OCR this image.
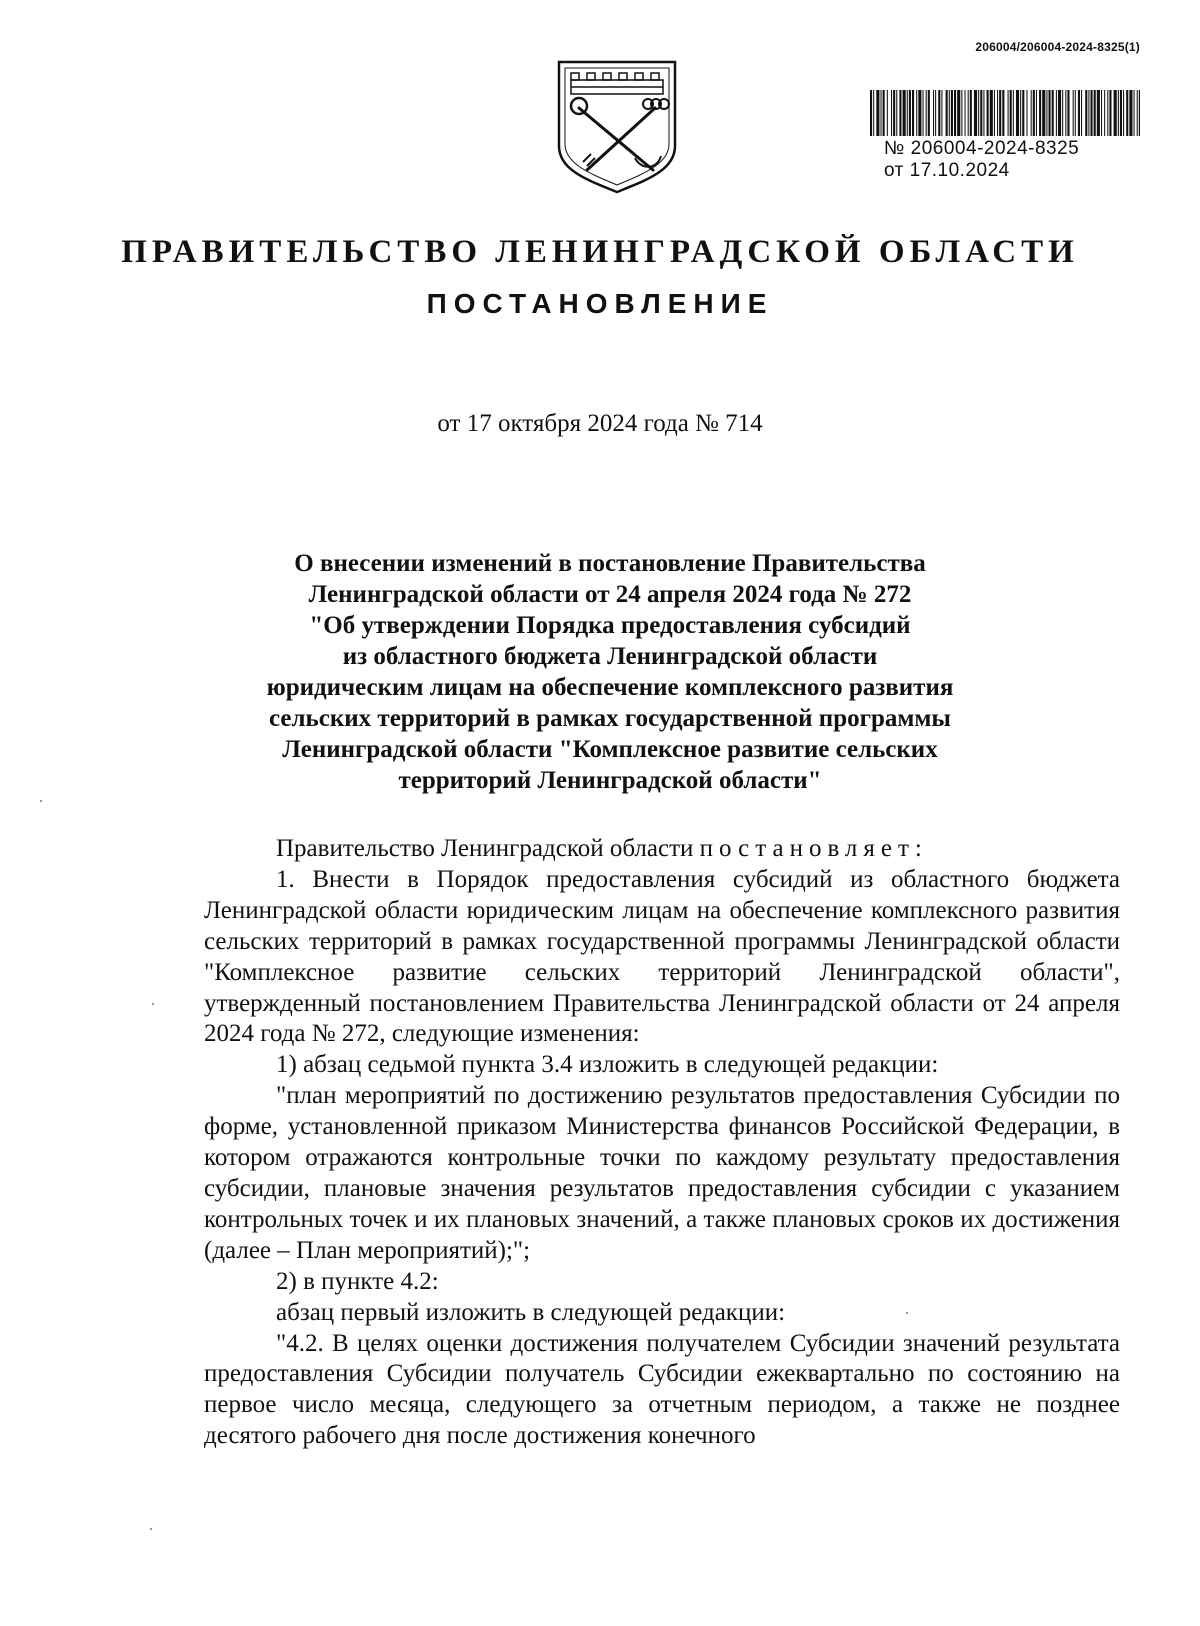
206004/206004-2024-8325(1)
№ 206004-2024-8325
от 17.10.2024
ПРАВИТЕЛЬСТВО ЛЕНИНГРАДСКОЙ ОБЛАСТИ
ПОСТАНОВЛЕНИЕ
от 17 октября 2024 года № 714
О внесении изменений в постановление Правительства
Ленинградской области от 24 апреля 2024 года № 272
"Об утверждении Порядка предоставления субсидий
из областного бюджета Ленинградской области
юридическим лицам на обеспечение комплексного развития
сельских территорий в рамках государственной программы
Ленинградской области "Комплексное развитие сельских
территорий Ленинградской области"

Правительство Ленинградской области постановляет:

1. Внести в Порядок предоставления субсидий из областного бюджета Ленинградской области юридическим лицам на обеспечение комплексного развития сельских территорий в рамках государственной программы Ленинградской области "Комплексное развитие сельских территорий Ленинградской области", утвержденный постановлением Правительства Ленинградской области от 24 апреля 2024 года № 272, следующие изменения:

1) абзац седьмой пункта 3.4 изложить в следующей редакции:

"план мероприятий по достижению результатов предоставления Субсидии по форме, установленной приказом Министерства финансов Российской Федерации, в котором отражаются контрольные точки по каждому результату предоставления субсидии, плановые значения результатов предоставления субсидии с указанием контрольных точек и их плановых значений, а также плановых сроков их достижения (далее – План мероприятий);";

2) в пункте 4.2:

абзац первый изложить в следующей редакции:

"4.2. В целях оценки достижения получателем Субсидии значений результата предоставления Субсидии получатель Субсидии ежеквартально по состоянию на первое число месяца, следующего за отчетным периодом, а также не позднее десятого рабочего дня после достижения конечного
